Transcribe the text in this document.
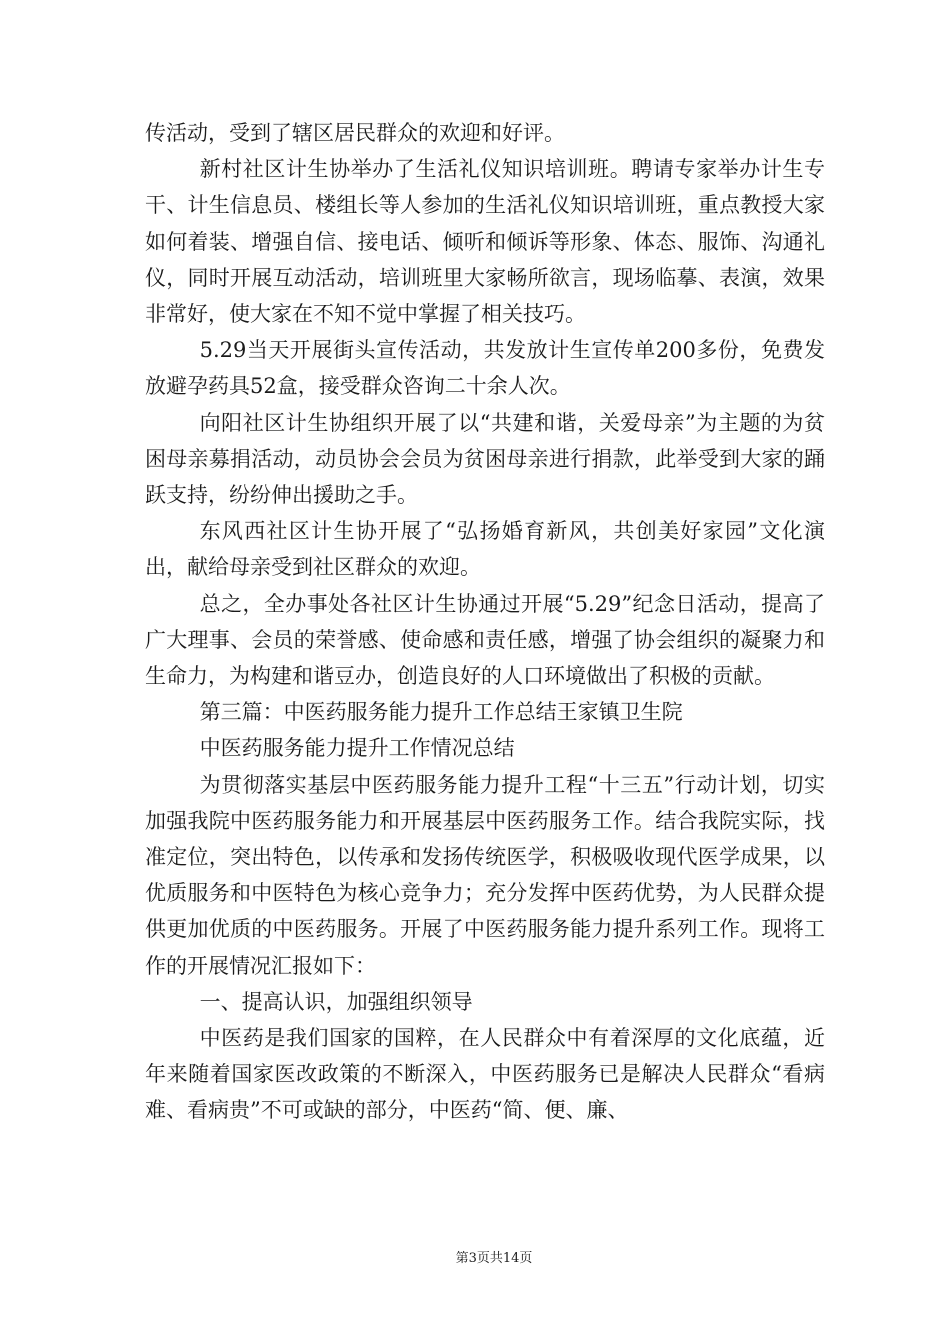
传活动，受到了辖区居民群众的欢迎和好评。

新村社区计生协举办了生活礼仪知识培训班。聘请专家举办计生专干、计生信息员、楼组长等人参加的生活礼仪知识培训班，重点教授大家如何着装、增强自信、接电话、倾听和倾诉等形象、体态、服饰、沟通礼仪，同时开展互动活动，培训班里大家畅所欲言，现场临摹、表演，效果非常好，使大家在不知不觉中掌握了相关技巧。

5.29当天开展街头宣传活动，共发放计生宣传单200多份，免费发放避孕药具52盒，接受群众咨询二十余人次。

向阳社区计生协组织开展了以“共建和谐，关爱母亲”为主题的为贫困母亲募捐活动，动员协会会员为贫困母亲进行捐款，此举受到大家的踊跃支持，纷纷伸出援助之手。

东风西社区计生协开展了“弘扬婚育新风，共创美好家园”文化演出，献给母亲受到社区群众的欢迎。

总之，全办事处各社区计生协通过开展“5.29”纪念日活动，提高了广大理事、会员的荣誉感、使命感和责任感，增强了协会组织的凝聚力和生命力，为构建和谐豆办，创造良好的人口环境做出了积极的贡献。

第三篇：中医药服务能力提升工作总结王家镇卫生院

中医药服务能力提升工作情况总结

为贯彻落实基层中医药服务能力提升工程“十三五”行动计划，切实加强我院中医药服务能力和开展基层中医药服务工作。结合我院实际，找准定位，突出特色，以传承和发扬传统医学，积极吸收现代医学成果，以优质服务和中医特色为核心竞争力；充分发挥中医药优势，为人民群众提供更加优质的中医药服务。开展了中医药服务能力提升系列工作。现将工作的开展情况汇报如下：

一、提高认识，加强组织领导

中医药是我们国家的国粹，在人民群众中有着深厚的文化底蕴，近年来随着国家医改政策的不断深入，中医药服务已是解决人民群众“看病难、看病贵”不可或缺的部分，中医药“简、便、廉、

第3页共14页
